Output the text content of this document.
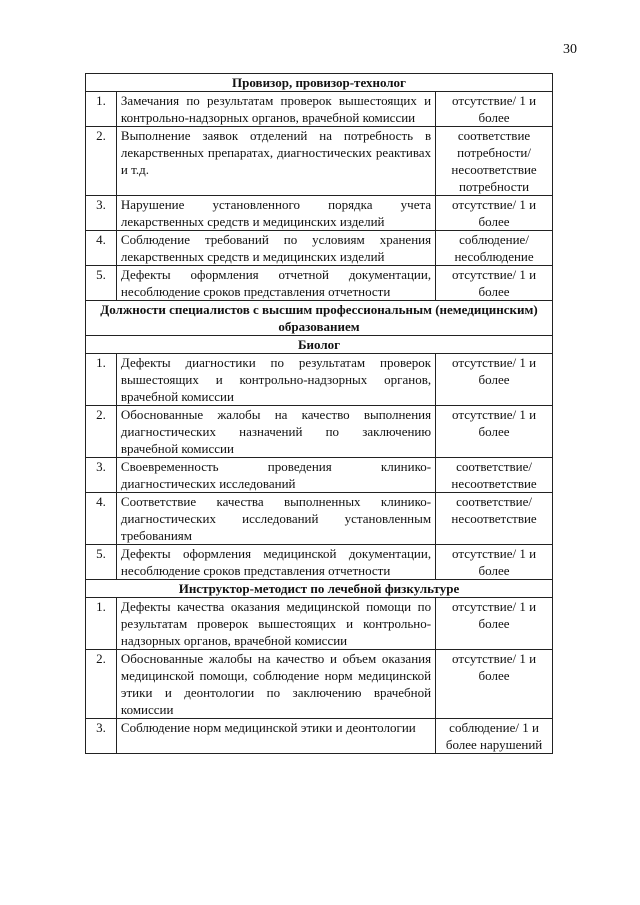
30
Провизор, провизор-технолог		
1.	Замечания по результатам проверок вышестоящих и контрольно-надзорных органов, врачебной комиссии	отсутствие/ 1 и более
2.	Выполнение заявок отделений на потребность в лекарственных препаратах, диагностических реактивах и т.д.	соответствие потребности/ несоответствие потребности
3.	Нарушение установленного порядка учета лекарственных средств и медицинских изделий	отсутствие/ 1 и более
4.	Соблюдение требований по условиям хранения лекарственных средств и медицинских изделий	соблюдение/ несоблюдение
5.	Дефекты оформления отчетной документации, несоблюдение сроков представления отчетности	отсутствие/ 1 и более
Должности специалистов с высшим профессиональным (немедицинским) образованием		
Биолог		
1.	Дефекты диагностики по результатам проверок вышестоящих и контрольно-надзорных органов, врачебной комиссии	отсутствие/ 1 и более
2.	Обоснованные жалобы на качество выполнения диагностических назначений по заключению врачебной комиссии	отсутствие/ 1 и более
3.	Своевременность проведения клинико-диагностических исследований	соответствие/ несоответствие
4.	Соответствие качества выполненных клинико-диагностических исследований установленным требованиям	соответствие/ несоответствие
5.	Дефекты оформления медицинской документации, несоблюдение сроков представления отчетности	отсутствие/ 1 и более
Инструктор-методист по лечебной физкультуре		
1.	Дефекты качества оказания медицинской помощи по результатам проверок вышестоящих и контрольно-надзорных органов, врачебной комиссии	отсутствие/ 1 и более
2.	Обоснованные жалобы на качество и объем оказания медицинской помощи, соблюдение норм медицинской этики и деонтологии по заключению врачебной комиссии	отсутствие/ 1 и более
3.	Соблюдение норм медицинской этики и деонтологии	соблюдение/ 1 и более нарушений
